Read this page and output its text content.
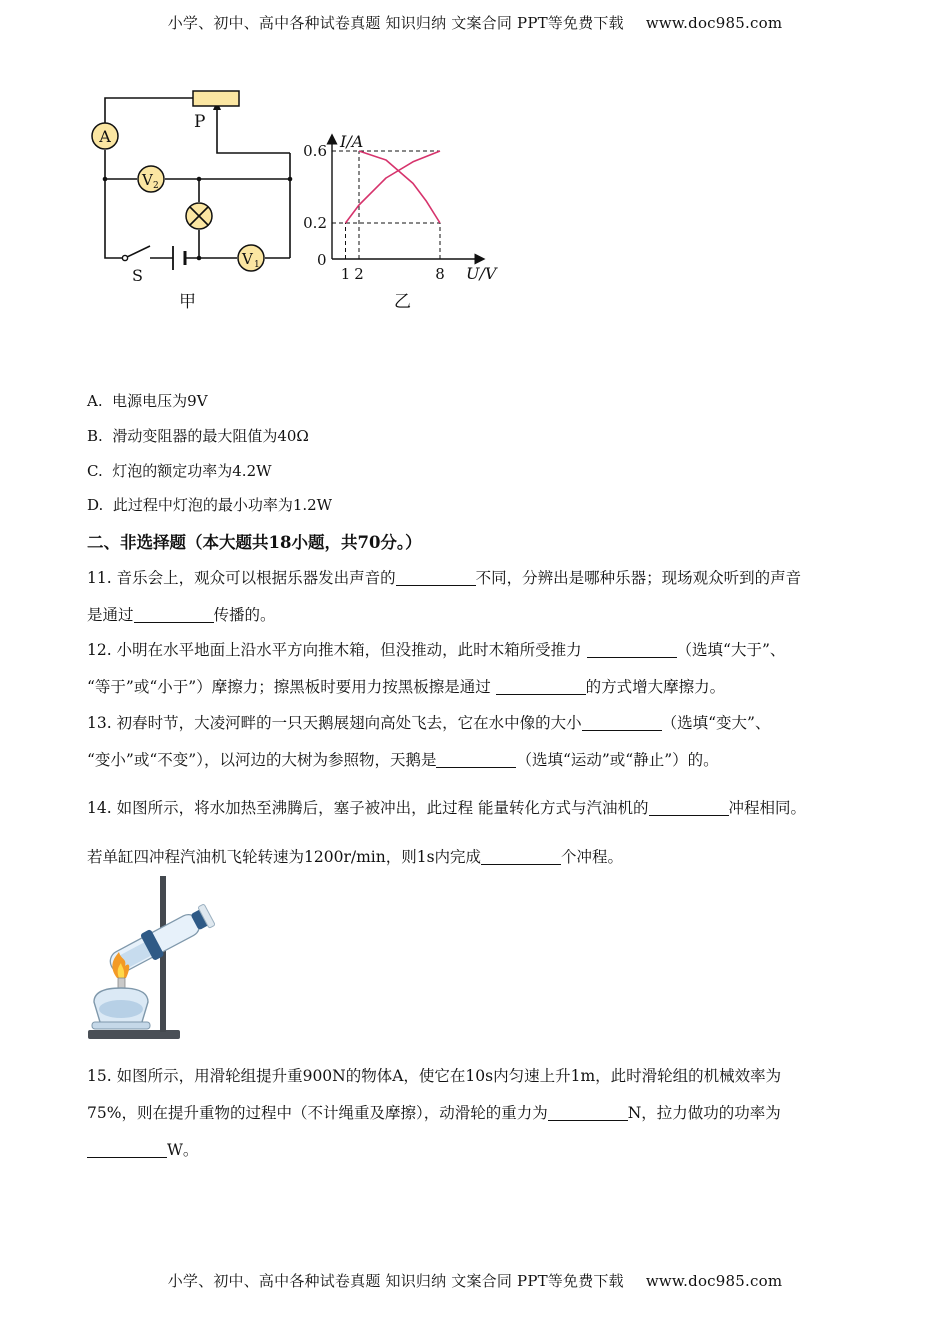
小学、初中、高中各种试卷真题 知识归纳 文案合同 PPT等免费下载 www.doc985.com
A
P
V 2
V 1
S
甲
I/A
U/V
0
0.6
0.2
1 2	8
乙
A. 电源电压为9V
B. 滑动变阻器的最大阻值为40Ω
C. 灯泡的额定功率为4.2W
D. 此过程中灯泡的最小功率为1.2W
二、非选择题（本大题共18小题，共70分。）
11. 音乐会上，观众可以根据乐器发出声音的	不同，分辨出是哪种乐器；现场观众听到的声音
是通过	传播的。
12. 小明在水平地面上沿水平方向推木箱，但没推动，此时木箱所受推力	（选填“大于”、
“等于”或“小于”）摩擦力；擦黑板时要用力按黑板擦是通过	的方式增大摩擦力。
13. 初春时节，大凌河畔的一只天鹅展翅向高处飞去，它在水中像的大小	（选填“变大”、
“变小”或“不变”），以河边的大树为参照物，天鹅是	（选填“运动”或“静止”）的。
14. 如图所示，将水加热至沸腾后，塞子被冲出，此过程 能量转化方式与汽油机的	冲程相同。
若单缸四冲程汽油机飞轮转速为1200r/min，则1s内完成	个冲程。
15. 如图所示，用滑轮组提升重900N的物体A，使它在10s内匀速上升1m，此时滑轮组的机械效率为
75%，则在提升重物的过程中（不计绳重及摩擦），动滑轮的重力为	N，拉力做功的功率为
W。
小学、初中、高中各种试卷真题 知识归纳 文案合同 PPT等免费下载 www.doc985.com
